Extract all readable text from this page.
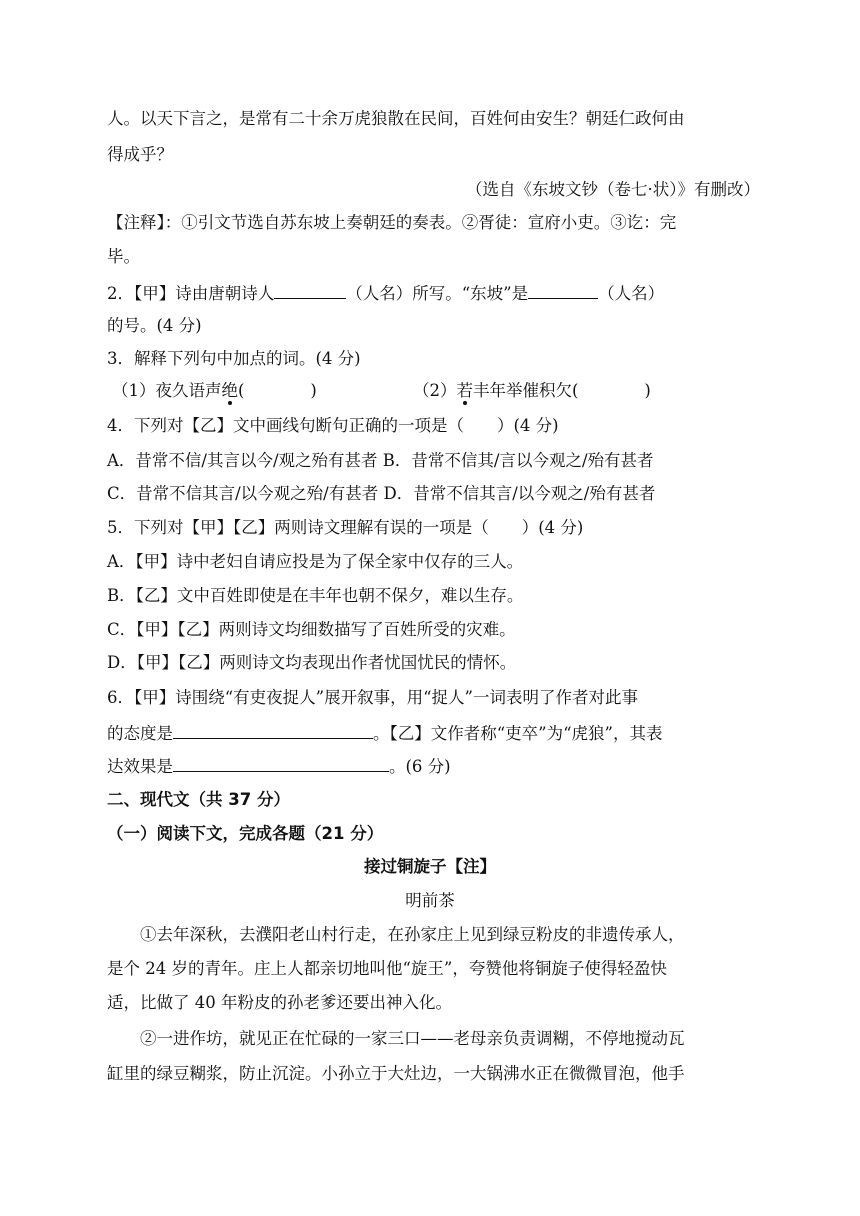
人。以天下言之，是常有二十余万虎狼散在民间，百姓何由安生？朝廷仁政何由
得成乎？
（选自《东坡文钞（卷七·状）》有删改）
【注释】：①引文节选自苏东坡上奏朝廷的奏表。②胥徒：宣府小吏。③讫：完
毕。
2．【甲】诗由唐朝诗人	（人名）所写。“东坡”是	（人名）
的号。(4 分)
3．解释下列句中加点的词。(4 分)
（1）夜久语声绝(　　　　)	（2）若丰年举催积欠(　　　　)
4．下列对【乙】文中画线句断句正确的一项是（　　）(4 分)
A．昔常不信/其言以今/观之殆有甚者 B．昔常不信其/言以今观之/殆有甚者
C．昔常不信其言/以今观之殆/有甚者 D．昔常不信其言/以今观之/殆有甚者
5．下列对【甲】【乙】两则诗文理解有误的一项是（　　）(4 分)
A．【甲】诗中老妇自请应投是为了保全家中仅存的三人。
B．【乙】文中百姓即使是在丰年也朝不保夕，难以生存。
C．【甲】【乙】两则诗文均细数描写了百姓所受的灾难。
D．【甲】【乙】两则诗文均表现出作者忧国忧民的情怀。
6．【甲】诗围绕“有吏夜捉人”展开叙事，用“捉人”一词表明了作者对此事
的态度是	。【乙】文作者称“吏卒”为“虎狼”，其表
达效果是	。(6 分)
二、现代文（共 37 分）
（一）阅读下文，完成各题（21 分）
接过铜旋子【注】
明前茶
①去年深秋，去濮阳老山村行走，在孙家庄上见到绿豆粉皮的非遗传承人，
是个 24 岁的青年。庄上人都亲切地叫他“旋王”，夸赞他将铜旋子使得轻盈快
适，比做了 40 年粉皮的孙老爹还要出神入化。
②一进作坊，就见正在忙碌的一家三口——老母亲负责调糊，不停地搅动瓦
缸里的绿豆糊浆，防止沉淀。小孙立于大灶边，一大锅沸水正在微微冒泡，他手
